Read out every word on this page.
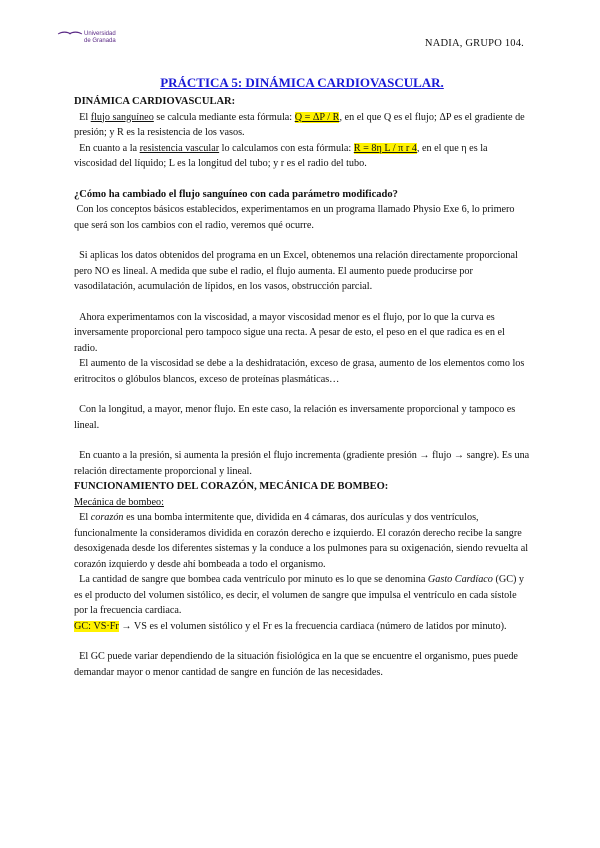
⌒⌒ Universidad
de Granada	NADIA, GRUPO 104.
PRÁCTICA 5: DINÁMICA CARDIOVASCULAR.

DINÁMICA CARDIOVASCULAR:

El flujo sanguíneo se calcula mediante esta fórmula: Q = ΔP / R, en el que Q es el flujo; ΔP es el gradiente de presión; y R es la resistencia de los vasos.

En cuanto a la resistencia vascular lo calculamos con esta fórmula: R = 8η L / π r 4, en el que η es la viscosidad del líquido; L es la longitud del tubo; y r es el radio del tubo.

¿Cómo ha cambiado el flujo sanguíneo con cada parámetro modificado?

Con los conceptos básicos establecidos, experimentamos en un programa llamado Physio Exe 6, lo primero que será son los cambios con el radio, veremos qué ocurre.

Si aplicas los datos obtenidos del programa en un Excel, obtenemos una relación directamente proporcional pero NO es lineal. A medida que sube el radio, el flujo aumenta. El aumento puede producirse por vasodilatación, acumulación de lípidos, en los vasos, obstrucción parcial.

Ahora experimentamos con la viscosidad, a mayor viscosidad menor es el flujo, por lo que la curva es inversamente proporcional pero tampoco sigue una recta. A pesar de esto, el peso en el que radica es en el radio.

El aumento de la viscosidad se debe a la deshidratación, exceso de grasa, aumento de los elementos como los eritrocitos o glóbulos blancos, exceso de proteínas plasmáticas…

Con la longitud, a mayor, menor flujo. En este caso, la relación es inversamente proporcional y tampoco es lineal.

En cuanto a la presión, si aumenta la presión el flujo incrementa (gradiente presión → flujo → sangre). Es una relación directamente proporcional y lineal.

FUNCIONAMIENTO DEL CORAZÓN, MECÁNICA DE BOMBEO:

Mecánica de bombeo:

El corazón es una bomba intermitente que, dividida en 4 cámaras, dos aurículas y dos ventrículos, funcionalmente la consideramos dividida en corazón derecho e izquierdo. El corazón derecho recibe la sangre desoxigenada desde los diferentes sistemas y la conduce a los pulmones para su oxigenación, siendo revuelta al corazón izquierdo y desde ahí bombeada a todo el organismo.

La cantidad de sangre que bombea cada ventrículo por minuto es lo que se denomina Gasto Cardíaco (GC) y es el producto del volumen sistólico, es decir, el volumen de sangre que impulsa el ventrículo en cada sístole por la frecuencia cardiaca.

GC: VS·Fr → VS es el volumen sistólico y el Fr es la frecuencia cardiaca (número de latidos por minuto).

El GC puede variar dependiendo de la situación fisiológica en la que se encuentre el organismo, pues puede demandar mayor o menor cantidad de sangre en función de las necesidades.
